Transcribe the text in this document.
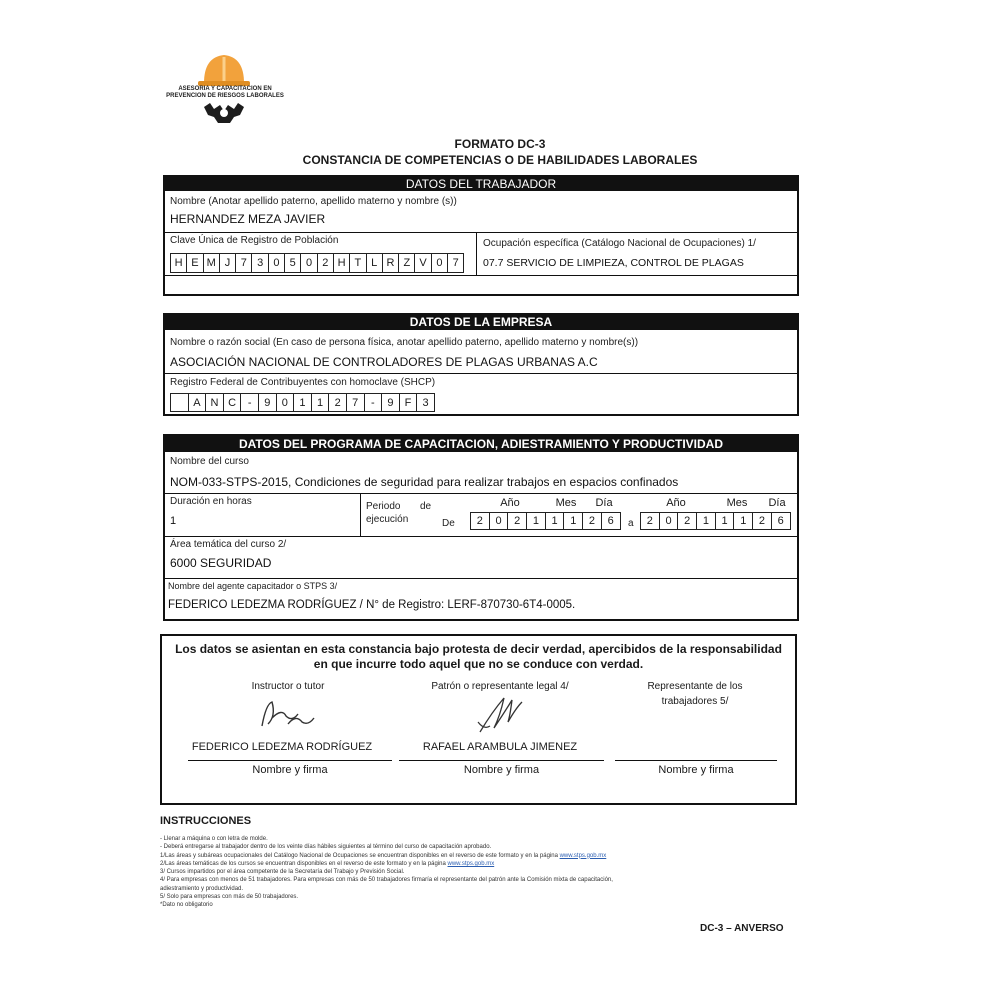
ASESORIA Y CAPACITACION EN
PREVENCION DE RIESGOS LABORALES
FORMATO DC-3
CONSTANCIA DE COMPETENCIAS O DE HABILIDADES LABORALES
DATOS DEL TRABAJADOR
Nombre (Anotar apellido paterno, apellido materno y nombre (s))
HERNANDEZ MEZA JAVIER
Clave Única de Registro de Población	Ocupación específica (Catálogo Nacional de Ocupaciones) 1/
H E M J 7 3 0 5 0 2 H T L R Z V 0 7	07.7 SERVICIO DE LIMPIEZA, CONTROL DE PLAGAS
DATOS DE LA EMPRESA
Nombre o razón social (En caso de persona física, anotar apellido paterno, apellido materno y nombre(s))
ASOCIACIÓN NACIONAL DE CONTROLADORES DE PLAGAS URBANAS A.C
Registro Federal de Contribuyentes con homoclave (SHCP)
A N C	-	9	0	1	1	2	7	-	9	F	3
DATOS DEL PROGRAMA DE CAPACITACION, ADIESTRAMIENTO Y PRODUCTIVIDAD
Nombre del curso
NOM-033-STPS-2015, Condiciones de seguridad para realizar trabajos en espacios confinados
Duración en horas
1
Periodo de
ejecución	De
Año	Mes	Día	Año	Mes	Día
2	0	2	1	1	1	2	6	a	2	0	2	1	1	1	2	6
Área temática del curso 2/
6000 SEGURIDAD
Nombre del agente capacitador o STPS 3/
FEDERICO LEDEZMA RODRÍGUEZ / N° de Registro: LERF-870730-6T4-0005.
Los datos se asientan en esta constancia bajo protesta de decir verdad, apercibidos de la responsabilidad
en que incurre todo aquel que no se conduce con verdad.
Instructor o tutor
FEDERICO LEDEZMA RODRÍGUEZ
Nombre y firma
Patrón o representante legal 4/
RAFAEL ARAMBULA JIMENEZ
Nombre y firma
Representante de los
trabajadores 5/
Nombre y firma
INSTRUCCIONES
- Llenar a máquina o con letra de molde.
- Deberá entregarse al trabajador dentro de los veinte días hábiles siguientes al término del curso de capacitación aprobado.
1/Las áreas y subáreas ocupacionales del Catálogo Nacional de Ocupaciones se encuentran disponibles en el reverso de este formato y en la página www.stps.gob.mx
2/Las áreas temáticas de los cursos se encuentran disponibles en el reverso de este formato y en la página www.stps.gob.mx
3/ Cursos impartidos por el área competente de la Secretaría del Trabajo y Previsión Social.
4/ Para empresas con menos de 51 trabajadores. Para empresas con más de 50 trabajadores firmaría el representante del patrón ante la Comisión mixta de capacitación,
adiestramiento y productividad.
5/ Solo para empresas con más de 50 trabajadores.
*Dato no obligatorio
DC-3 – ANVERSO
